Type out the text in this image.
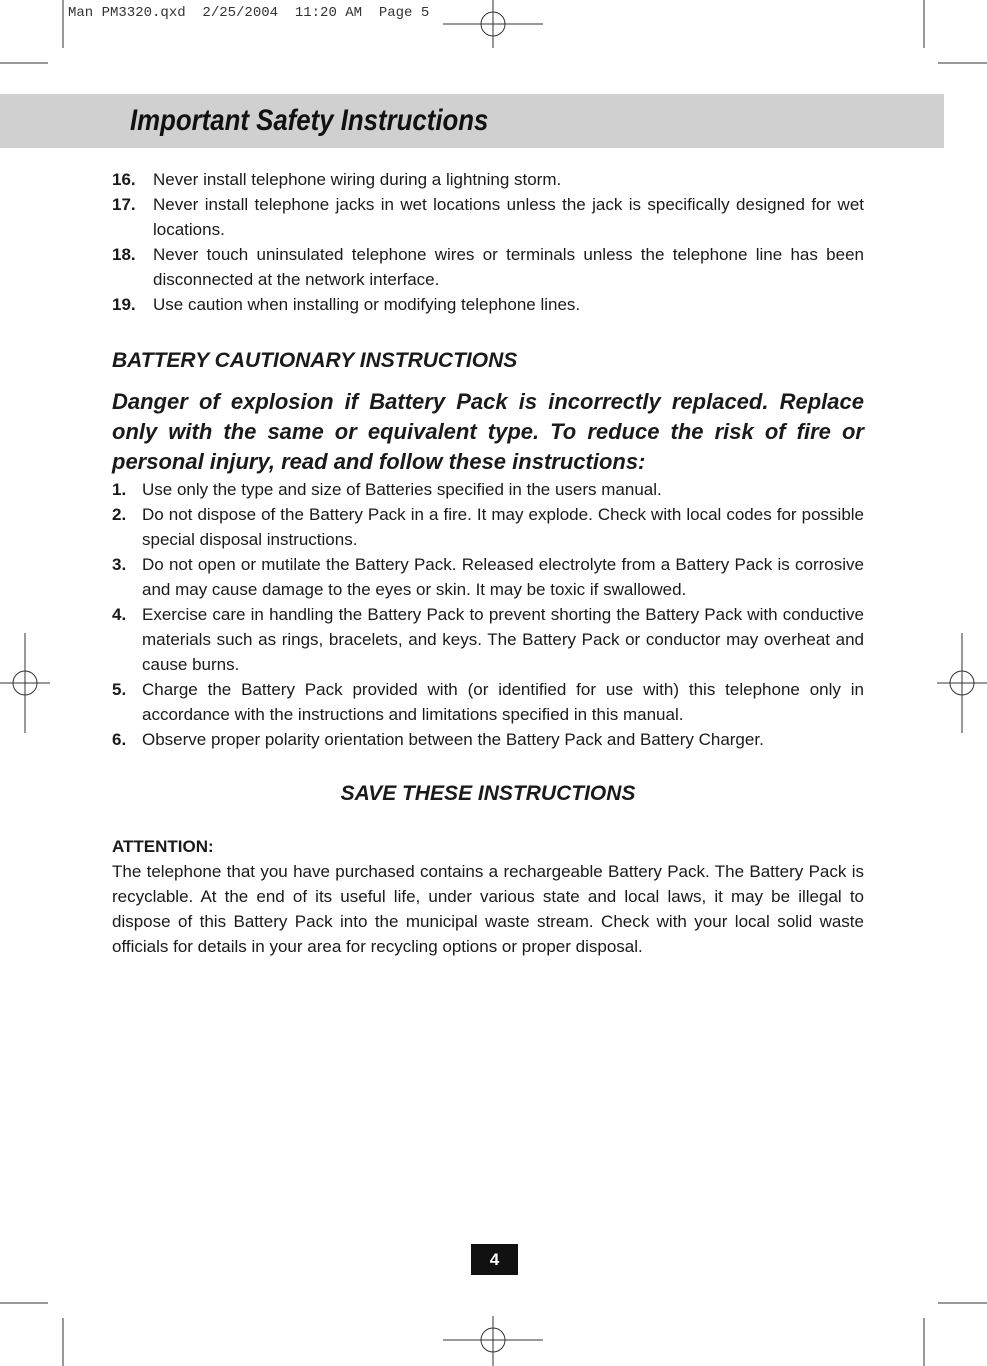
Man PM3320.qxd  2/25/2004  11:20 AM  Page 5
Important Safety Instructions
16.	Never install telephone wiring during a lightning storm.
17.	Never install telephone jacks in wet locations unless the jack is specifically designed for wet locations.
18.	Never touch uninsulated telephone wires or terminals unless the telephone line has been disconnected at the network interface.
19.	Use caution when installing or modifying telephone lines.
BATTERY CAUTIONARY INSTRUCTIONS
Danger of explosion if Battery Pack is incorrectly replaced. Replace only with the same or equivalent type. To reduce the risk of fire or personal injury, read and follow these instructions:
1. Use only the type and size of Batteries specified in the users manual.
2. Do not dispose of the Battery Pack in a fire. It may explode. Check with local codes for possible special disposal instructions.
3. Do not open or mutilate the Battery Pack. Released electrolyte from a Battery Pack is corrosive and may cause damage to the eyes or skin. It may be toxic if swallowed.
4. Exercise care in handling the Battery Pack to prevent shorting the Battery Pack with conductive materials such as rings, bracelets, and keys. The Battery Pack or conductor may overheat and cause burns.
5. Charge the Battery Pack provided with (or identified for use with) this telephone only in accordance with the instructions and limitations specified in this manual.
6. Observe proper polarity orientation between the Battery Pack and Battery Charger.
SAVE THESE INSTRUCTIONS
ATTENTION:
The telephone that you have purchased contains a rechargeable Battery Pack. The Battery Pack is recyclable. At the end of its useful life, under various state and local laws, it may be illegal to dispose of this Battery Pack into the municipal waste stream. Check with your local solid waste officials for details in your area for recycling options or proper disposal.
4
